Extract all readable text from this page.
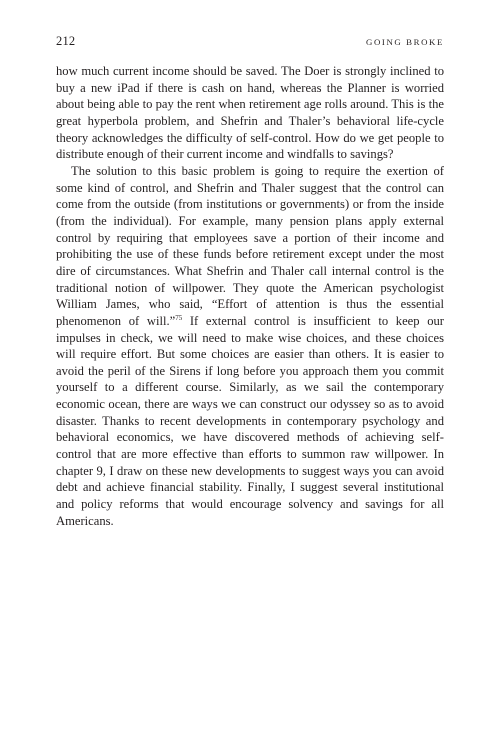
212	GOING BROKE

how much current income should be saved. The Doer is strongly inclined to buy a new iPad if there is cash on hand, whereas the Planner is worried about being able to pay the rent when retirement age rolls around. This is the great hyperbola problem, and Shefrin and Thaler’s behavioral life-cycle theory acknowledges the difficulty of self-control. How do we get people to distribute enough of their current income and windfalls to savings?

The solution to this basic problem is going to require the exertion of some kind of control, and Shefrin and Thaler suggest that the control can come from the outside (from institutions or governments) or from the inside (from the individual). For example, many pension plans apply external control by requiring that employees save a portion of their income and prohibiting the use of these funds before retirement except under the most dire of circumstances. What Shefrin and Thaler call internal control is the traditional notion of willpower. They quote the American psychologist William James, who said, “Effort of attention is thus the essential phenomenon of will.”$^{75}$ If external control is insufficient to keep our impulses in check, we will need to make wise choices, and these choices will require effort. But some choices are easier than others. It is easier to avoid the peril of the Sirens if long before you approach them you commit yourself to a different course. Similarly, as we sail the contemporary economic ocean, there are ways we can construct our odyssey so as to avoid disaster. Thanks to recent developments in contemporary psychology and behavioral economics, we have discovered methods of achieving self-control that are more effective than efforts to summon raw willpower. In chapter 9, I draw on these new developments to suggest ways you can avoid debt and achieve financial stability. Finally, I suggest several institutional and policy reforms that would encourage solvency and savings for all Americans.
